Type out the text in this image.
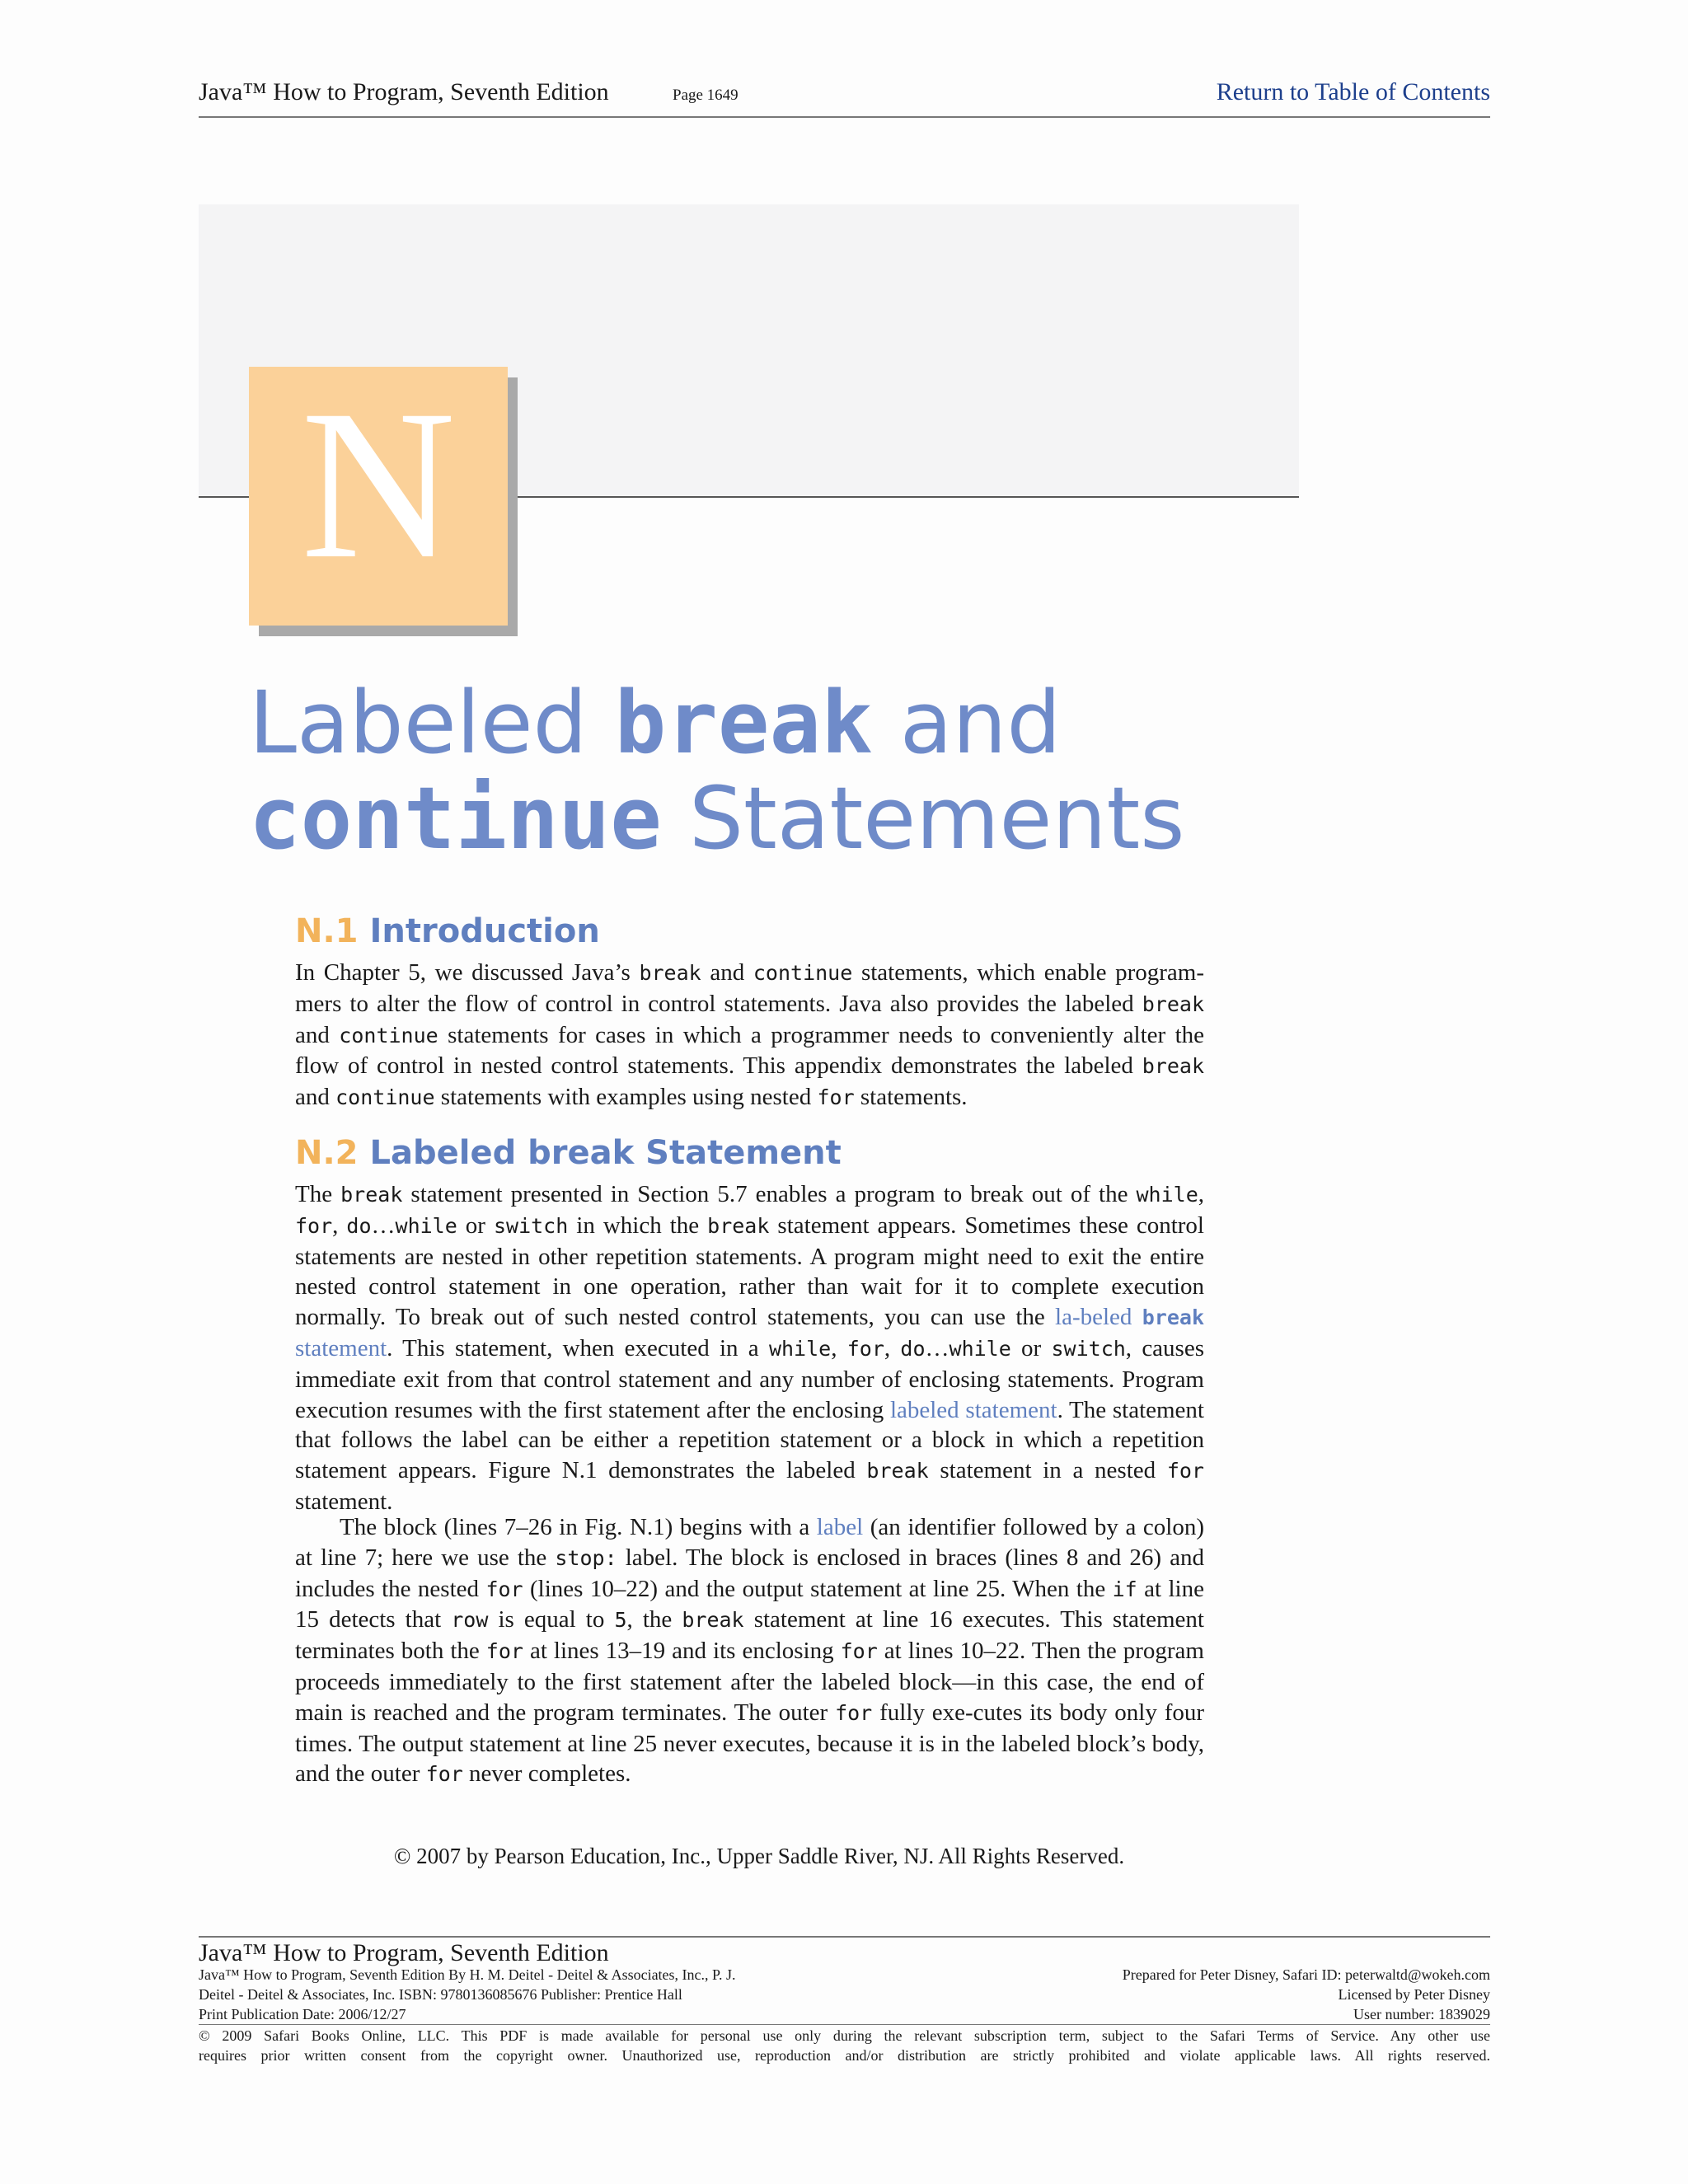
Java™ How to Program, Seventh Edition	Page 1649	Return to Table of Contents
N
Labeled break and
continue Statements
N.1 Introduction
In Chapter 5, we discussed Java’s break and continue statements, which enable program-mers to alter the flow of control in control statements. Java also provides the labeled break and continue statements for cases in which a programmer needs to conveniently alter the flow of control in nested control statements. This appendix demonstrates the labeled break and continue statements with examples using nested for statements.
N.2 Labeled break Statement
The break statement presented in Section 5.7 enables a program to break out of the while, for, do…while or switch in which the break statement appears. Sometimes these control statements are nested in other repetition statements. A program might need to exit the entire nested control statement in one operation, rather than wait for it to complete execution normally. To break out of such nested control statements, you can use the la-beled break statement. This statement, when executed in a while, for, do…while or switch, causes immediate exit from that control statement and any number of enclosing statements. Program execution resumes with the first statement after the enclosing labeled statement. The statement that follows the label can be either a repetition statement or a block in which a repetition statement appears. Figure N.1 demonstrates the labeled break statement in a nested for statement.
The block (lines 7–26 in Fig. N.1) begins with a label (an identifier followed by a colon) at line 7; here we use the stop: label. The block is enclosed in braces (lines 8 and 26) and includes the nested for (lines 10–22) and the output statement at line 25. When the if at line 15 detects that row is equal to 5, the break statement at line 16 executes. This statement terminates both the for at lines 13–19 and its enclosing for at lines 10–22. Then the program proceeds immediately to the first statement after the labeled block—in this case, the end of main is reached and the program terminates. The outer for fully exe-cutes its body only four times. The output statement at line 25 never executes, because it is in the labeled block’s body, and the outer for never completes.
© 2007 by Pearson Education, Inc., Upper Saddle River, NJ. All Rights Reserved.
Java™ How to Program, Seventh Edition
Java™ How to Program, Seventh Edition By H. M. Deitel - Deitel & Associates, Inc., P. J.
Deitel - Deitel & Associates, Inc. ISBN: 9780136085676 Publisher: Prentice Hall
Print Publication Date: 2006/12/27
Prepared for Peter Disney, Safari ID: peterwaltd@wokeh.com
Licensed by Peter Disney
User number: 1839029
© 2009 Safari Books Online, LLC. This PDF is made available for personal use only during the relevant subscription term, subject to the Safari Terms of Service. Any other use
requires prior written consent from the copyright owner. Unauthorized use, reproduction and/or distribution are strictly prohibited and violate applicable laws. All rights reserved.
